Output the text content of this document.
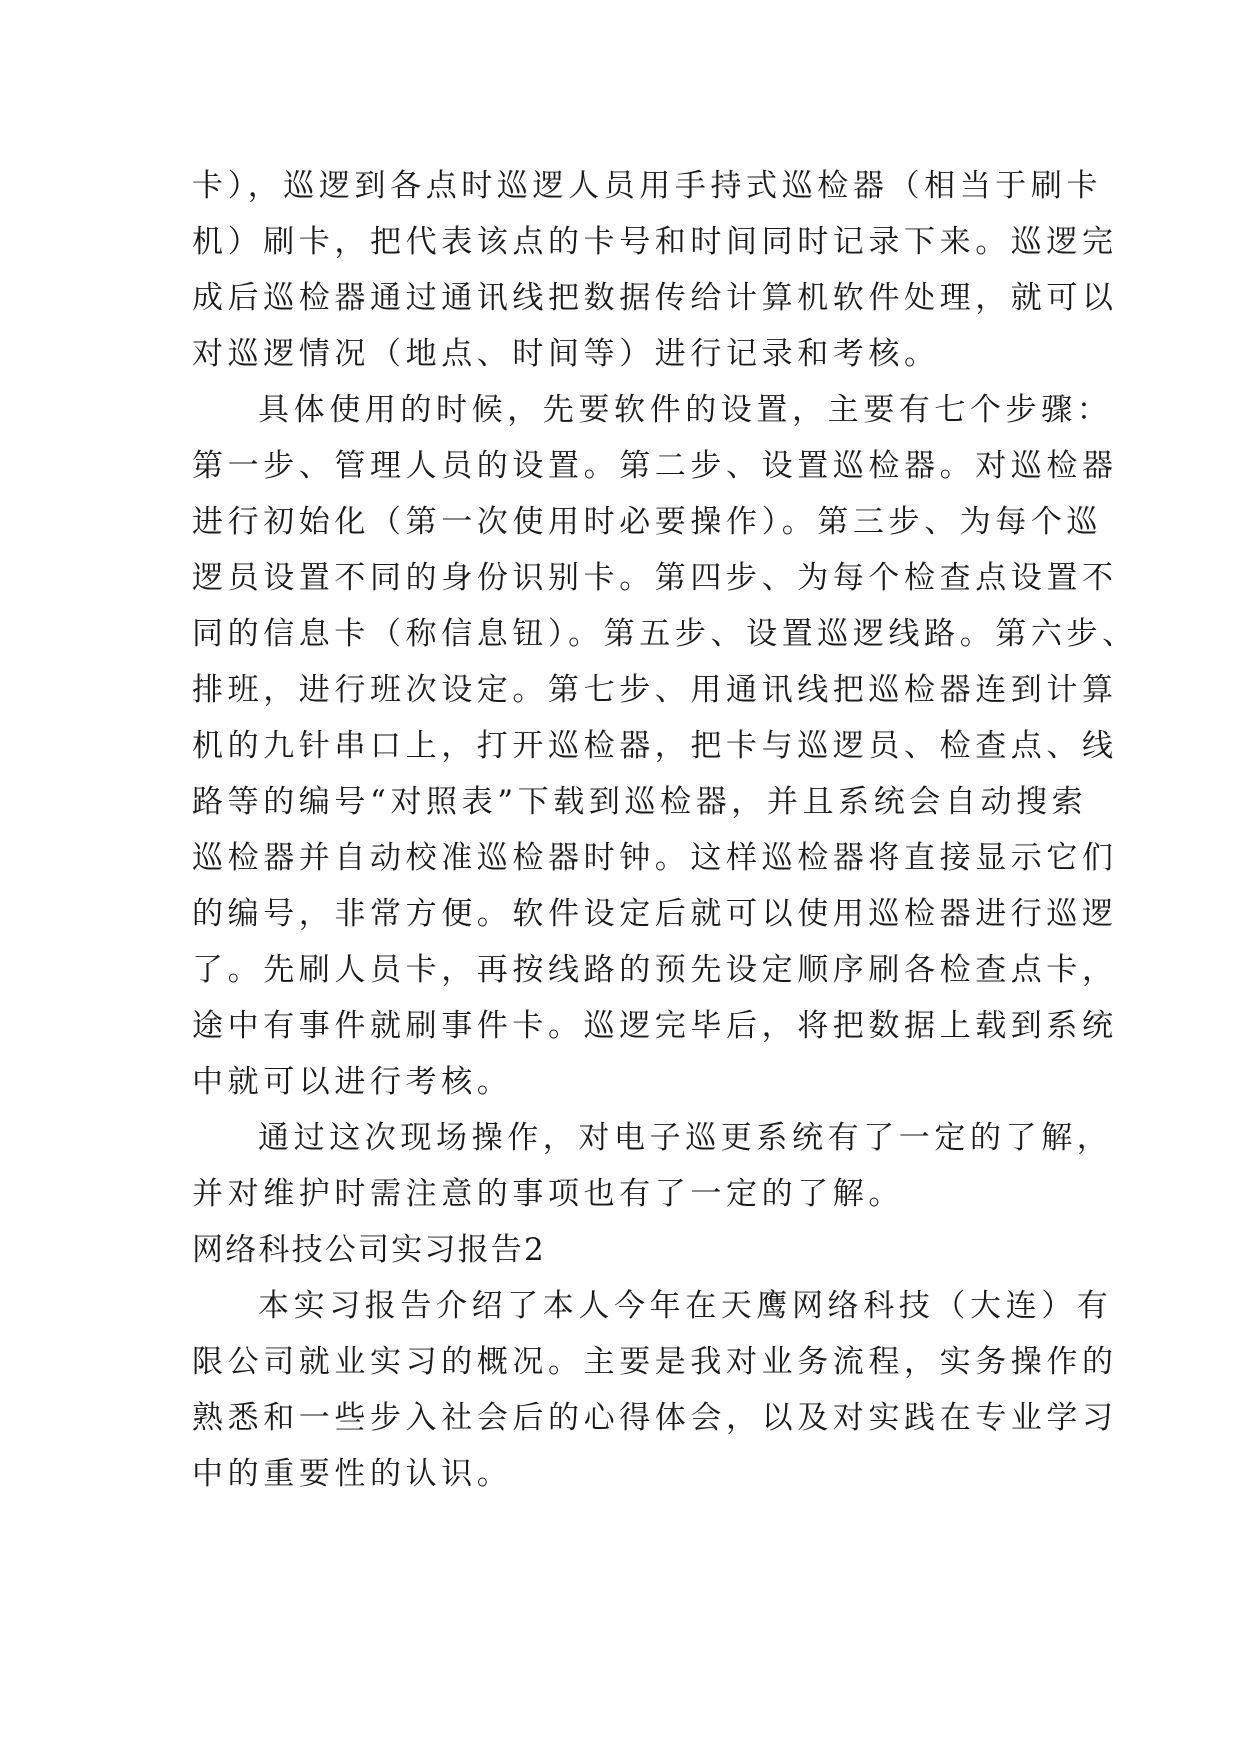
卡），巡逻到各点时巡逻人员用手持式巡检器（相当于刷卡
机）刷卡，把代表该点的卡号和时间同时记录下来。巡逻完
成后巡检器通过通讯线把数据传给计算机软件处理，就可以
对巡逻情况（地点、时间等）进行记录和考核。
具体使用的时候，先要软件的设置，主要有七个步骤：
第一步、管理人员的设置。第二步、设置巡检器。对巡检器
进行初始化（第一次使用时必要操作）。第三步、为每个巡
逻员设置不同的身份识别卡。第四步、为每个检查点设置不
同的信息卡（称信息钮）。第五步、设置巡逻线路。第六步、
排班，进行班次设定。第七步、用通讯线把巡检器连到计算
机的九针串口上，打开巡检器，把卡与巡逻员、检查点、线
路等的编号“对照表”下载到巡检器，并且系统会自动搜索
巡检器并自动校准巡检器时钟。这样巡检器将直接显示它们
的编号，非常方便。软件设定后就可以使用巡检器进行巡逻
了。先刷人员卡，再按线路的预先设定顺序刷各检查点卡，
途中有事件就刷事件卡。巡逻完毕后，将把数据上载到系统
中就可以进行考核。
通过这次现场操作，对电子巡更系统有了一定的了解，
并对维护时需注意的事项也有了一定的了解。
网络科技公司实习报告2
本实习报告介绍了本人今年在天鹰网络科技（大连）有
限公司就业实习的概况。主要是我对业务流程，实务操作的
熟悉和一些步入社会后的心得体会，以及对实践在专业学习
中的重要性的认识。
